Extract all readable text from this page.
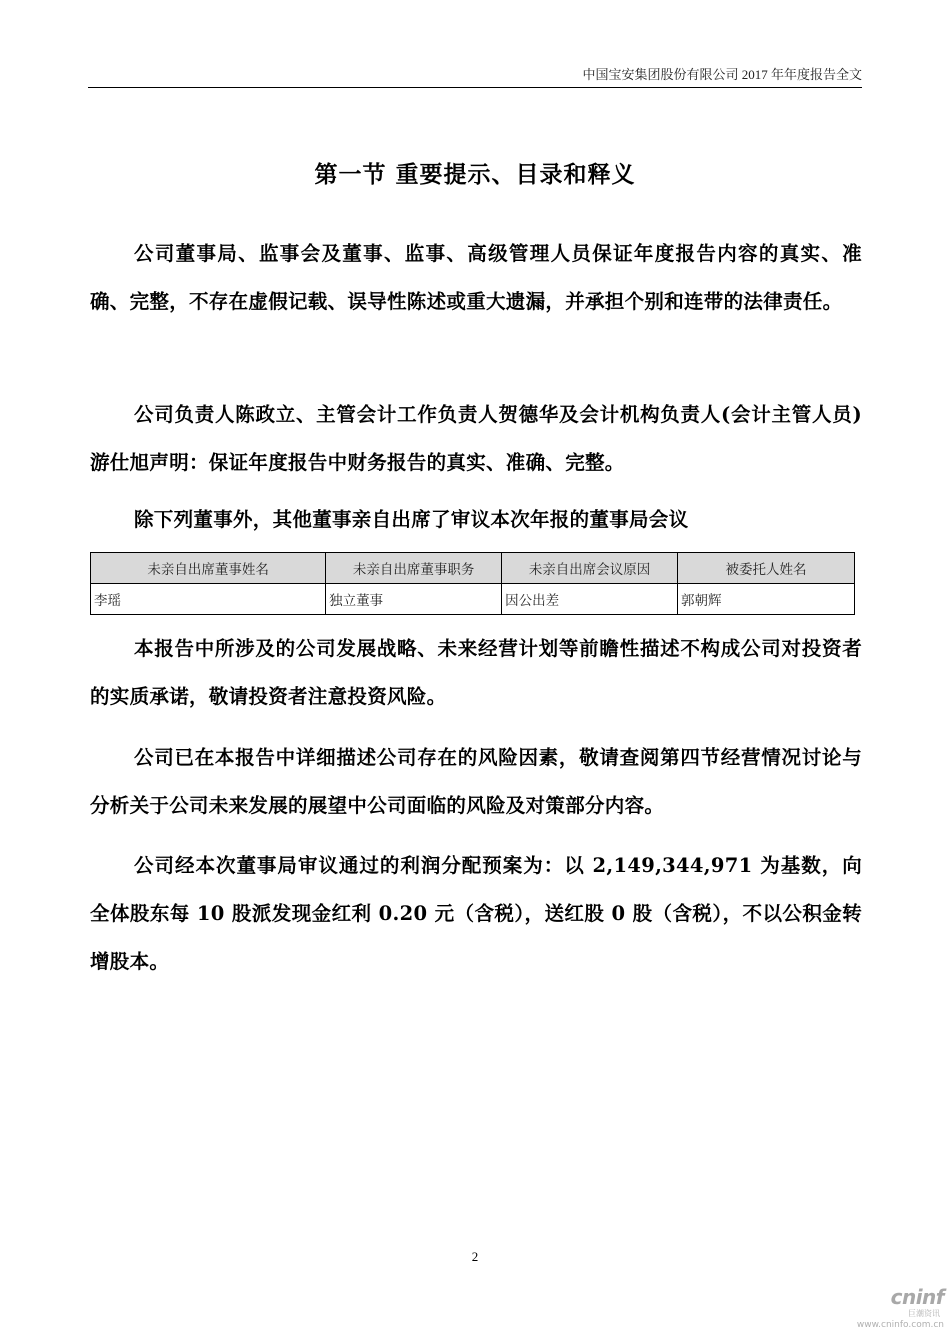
中国宝安集团股份有限公司 2017 年年度报告全文
第一节 重要提示、目录和释义
公司董事局、监事会及董事、监事、高级管理人员保证年度报告内容的真实、准确、完整，不存在虚假记载、误导性陈述或重大遗漏，并承担个别和连带的法律责任。
公司负责人陈政立、主管会计工作负责人贺德华及会计机构负责人(会计主管人员)游仕旭声明：保证年度报告中财务报告的真实、准确、完整。
除下列董事外，其他董事亲自出席了审议本次年报的董事局会议
未亲自出席董事姓名	未亲自出席董事职务	未亲自出席会议原因	被委托人姓名
李瑶	独立董事	因公出差	郭朝辉
本报告中所涉及的公司发展战略、未来经营计划等前瞻性描述不构成公司对投资者的实质承诺，敬请投资者注意投资风险。
公司已在本报告中详细描述公司存在的风险因素，敬请查阅第四节经营情况讨论与分析关于公司未来发展的展望中公司面临的风险及对策部分内容。
公司经本次董事局审议通过的利润分配预案为：以 2,149,344,971 为基数，向全体股东每 10 股派发现金红利 0.20 元（含税），送红股 0 股（含税），不以公积金转增股本。
2
cninf
巨潮资讯
www.cninfo.com.cn
